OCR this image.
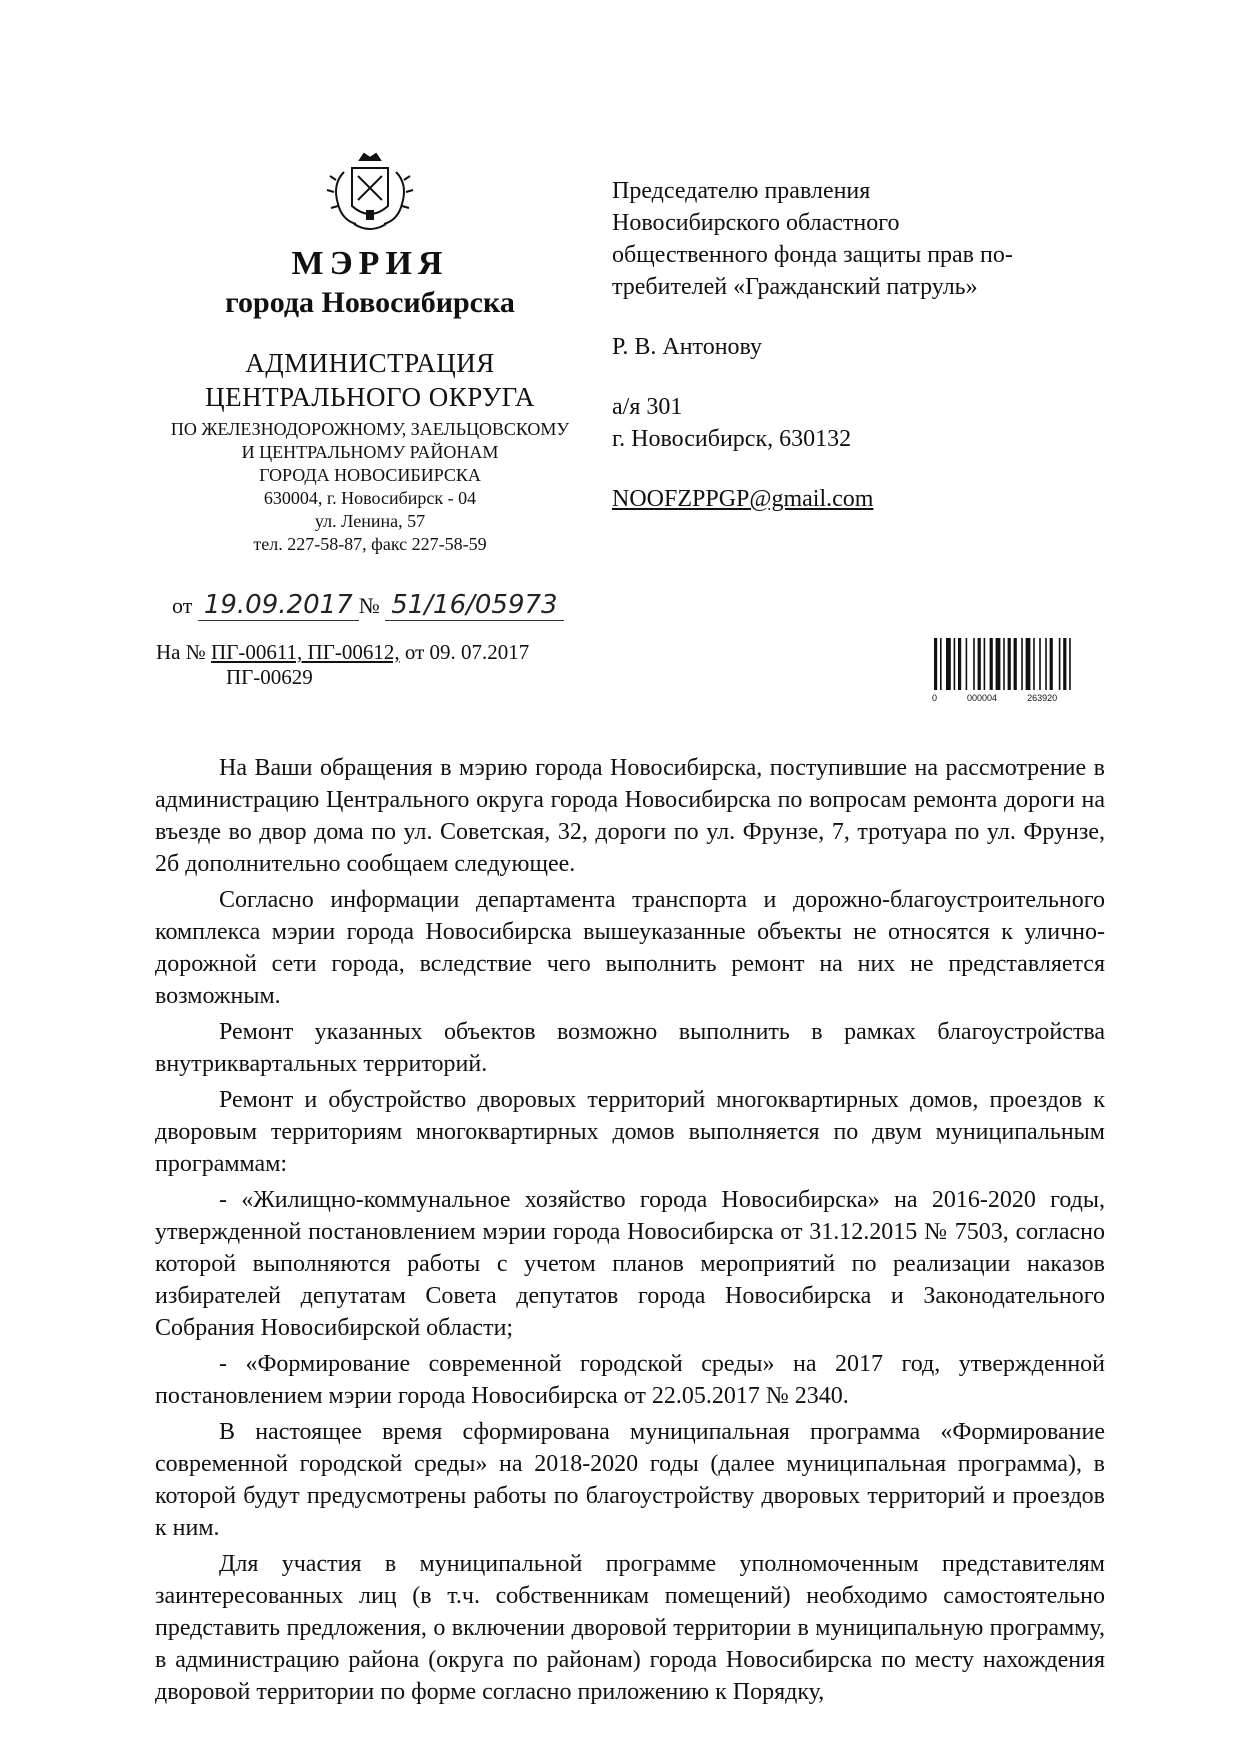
МЭРИЯ
города Новосибирска
АДМИНИСТРАЦИЯ
ЦЕНТРАЛЬНОГО ОКРУГА
ПО ЖЕЛЕЗНОДОРОЖНОМУ, ЗАЕЛЬЦОВСКОМУ
И ЦЕНТРАЛЬНОМУ РАЙОНАМ
ГОРОДА НОВОСИБИРСКА
630004, г. Новосибирск - 04
ул. Ленина, 57
тел. 227-58-87, факс 227-58-59
от 19.09.2017 № 51/16/05973
На № ПГ-00611, ПГ-00612, от 09. 07.2017
ПГ-00629

Председателю правления

Новосибирского областного

общественного фонда защиты прав по-

требителей «Гражданский патруль»

Р. В. Антонову

а/я 301

г. Новосибирск, 630132

NOOFZPPGP@gmail.com

0	000004	263920

На Ваши обращения в мэрию города Новосибирска, поступившие на рассмотрение в администрацию Центрального округа города Новосибирска по вопросам ремонта дороги на въезде во двор дома по ул. Советская, 32, дороги по ул. Фрунзе, 7, тротуара по ул. Фрунзе, 2б дополнительно сообщаем следующее.

Согласно информации департамента транспорта и дорожно-благоустроительного комплекса мэрии города Новосибирска вышеуказанные объекты не относятся к улично-дорожной сети города, вследствие чего выполнить ремонт на них не представляется возможным.

Ремонт указанных объектов возможно выполнить в рамках благоустройства внутриквартальных территорий.

Ремонт и обустройство дворовых территорий многоквартирных домов, проездов к дворовым территориям многоквартирных домов выполняется по двум муниципальным программам:

- «Жилищно-коммунальное хозяйство города Новосибирска» на 2016-2020 годы, утвержденной постановлением мэрии города Новосибирска от 31.12.2015 № 7503, согласно которой выполняются работы с учетом планов мероприятий по реализации наказов избирателей депутатам Совета депутатов города Новосибирска и Законодательного Собрания Новосибирской области;

- «Формирование современной городской среды» на 2017 год, утвержденной постановлением мэрии города Новосибирска от 22.05.2017 № 2340.

В настоящее время сформирована муниципальная программа «Формирование современной городской среды» на 2018-2020 годы (далее муниципальная программа), в которой будут предусмотрены работы по благоустройству дворовых территорий и проездов к ним.

Для участия в муниципальной программе уполномоченным представителям заинтересованных лиц (в т.ч. собственникам помещений) необходимо самостоятельно представить предложения, о включении дворовой территории в муниципальную программу, в администрацию района (округа по районам) города Новосибирска по месту нахождения дворовой территории по форме согласно приложению к Порядку,
